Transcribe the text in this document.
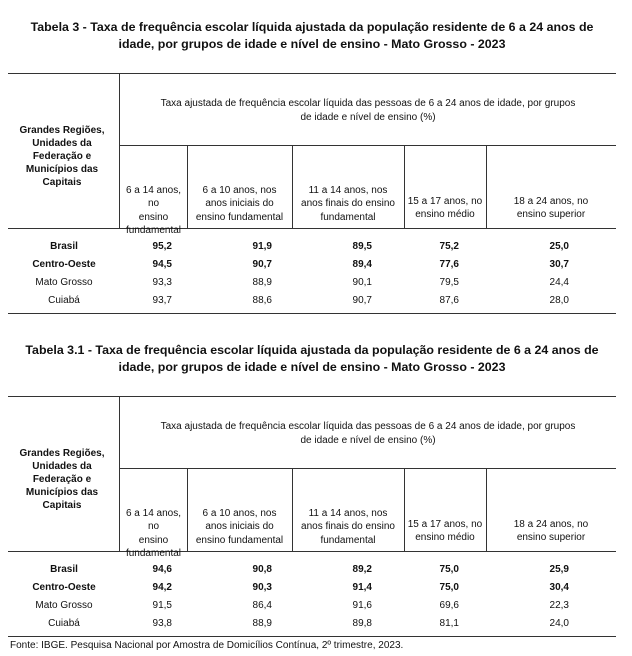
Tabela 3 - Taxa de frequência escolar líquida ajustada da população residente de 6 a 24 anos de
idade, por grupos de idade e nível de ensino - Mato Grosso - 2023
Taxa ajustada de frequência escolar líquida das pessoas de 6 a 24 anos de idade, por grupos
de idade e nível de ensino (%)
Grandes Regiões,
Unidades da
Federação e
Municípios das
Capitais
6 a 14 anos, no
ensino
fundamental
6 a 10 anos, nos
anos iniciais do
ensino fundamental
11 a 14 anos, nos
anos finais do ensino
fundamental
15 a 17 anos, no
ensino médio
18 a 24 anos, no
ensino superior
Brasil	95,2	91,9	89,5	75,2	25,0
Centro-Oeste	94,5	90,7	89,4	77,6	30,7
Mato Grosso	93,3	88,9	90,1	79,5	24,4
Cuiabá	93,7	88,6	90,7	87,6	28,0
Tabela 3.1 - Taxa de frequência escolar líquida ajustada da população residente de 6 a 24 anos de
idade, por grupos de idade e nível de ensino - Mato Grosso - 2023
Taxa ajustada de frequência escolar líquida das pessoas de 6 a 24 anos de idade, por grupos
de idade e nível de ensino (%)
Grandes Regiões,
Unidades da
Federação e
Municípios das
Capitais
6 a 14 anos, no
ensino
fundamental
6 a 10 anos, nos
anos iniciais do
ensino fundamental
11 a 14 anos, nos
anos finais do ensino
fundamental
15 a 17 anos, no
ensino médio
18 a 24 anos, no
ensino superior
Brasil	94,6	90,8	89,2	75,0	25,9
Centro-Oeste	94,2	90,3	91,4	75,0	30,4
Mato Grosso	91,5	86,4	91,6	69,6	22,3
Cuiabá	93,8	88,9	89,8	81,1	24,0
Fonte: IBGE. Pesquisa Nacional por Amostra de Domicílios Contínua, 2º trimestre, 2023.
